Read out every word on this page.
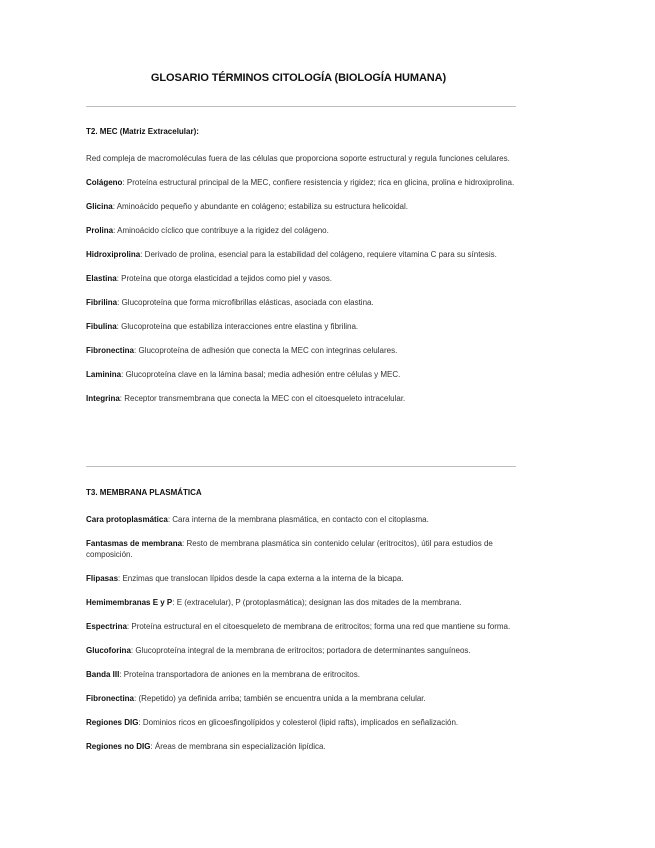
GLOSARIO TÉRMINOS CITOLOGÍA (BIOLOGÍA HUMANA)
T2. MEC (Matriz Extracelular):
Red compleja de macromoléculas fuera de las células que proporciona soporte estructural y regula funciones celulares.
Colágeno: Proteína estructural principal de la MEC, confiere resistencia y rigidez; rica en glicina, prolina e hidroxiprolina.
Glicina: Aminoácido pequeño y abundante en colágeno; estabiliza su estructura helicoidal.
Prolina: Aminoácido cíclico que contribuye a la rigidez del colágeno.
Hidroxiprolina: Derivado de prolina, esencial para la estabilidad del colágeno, requiere vitamina C para su síntesis.
Elastina: Proteína que otorga elasticidad a tejidos como piel y vasos.
Fibrilina: Glucoproteína que forma microfibrillas elásticas, asociada con elastina.
Fibulina: Glucoproteína que estabiliza interacciones entre elastina y fibrilina.
Fibronectina: Glucoproteína de adhesión que conecta la MEC con integrinas celulares.
Laminina: Glucoproteína clave en la lámina basal; media adhesión entre células y MEC.
Integrina: Receptor transmembrana que conecta la MEC con el citoesqueleto intracelular.
T3. MEMBRANA PLASMÁTICA
Cara protoplasmática: Cara interna de la membrana plasmática, en contacto con el citoplasma.
Fantasmas de membrana: Resto de membrana plasmática sin contenido celular (eritrocitos), útil para estudios de composición.
Flipasas: Enzimas que translocan lípidos desde la capa externa a la interna de la bicapa.
Hemimembranas E y P: E (extracelular), P (protoplasmática); designan las dos mitades de la membrana.
Espectrina: Proteína estructural en el citoesqueleto de membrana de eritrocitos; forma una red que mantiene su forma.
Glucoforina: Glucoproteína integral de la membrana de eritrocitos; portadora de determinantes sanguíneos.
Banda III: Proteína transportadora de aniones en la membrana de eritrocitos.
Fibronectina: (Repetido) ya definida arriba; también se encuentra unida a la membrana celular.
Regiones DIG: Dominios ricos en glicoesfingolípidos y colesterol (lipid rafts), implicados en señalización.
Regiones no DIG: Áreas de membrana sin especialización lipídica.
